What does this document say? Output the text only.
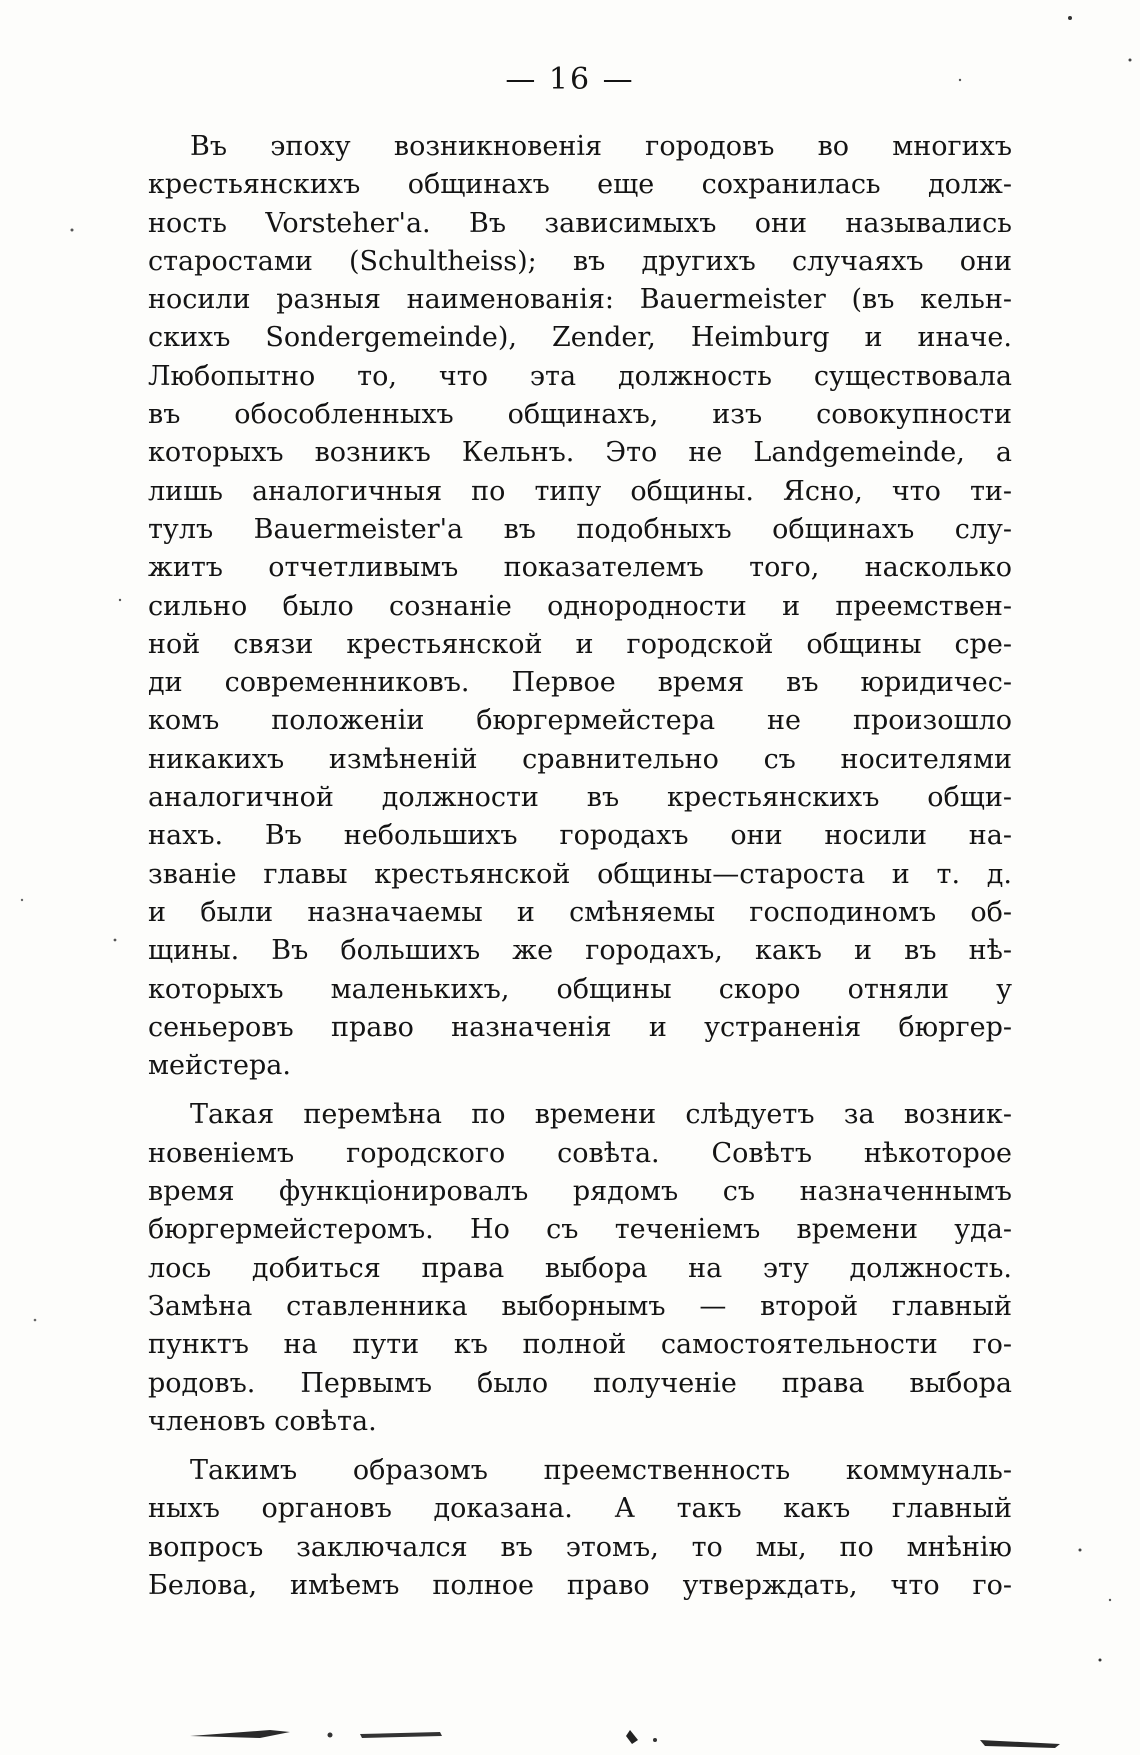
— 16 —
Въ эпоху возникновенія городовъ во многихъ
крестьянскихъ общинахъ еще сохранилась долж-
ность Vorsteher'а. Въ зависимыхъ они назывались
старостами (Schultheiss); въ другихъ случаяхъ они
носили разныя наименованія: Bauermeister (въ кельн-
скихъ Sondergemeinde), Zender, Heimburg и иначе.
Любопытно то, что эта должность существовала
въ обособленныхъ общинахъ, изъ совокупности
которыхъ возникъ Кельнъ. Это не Landgemeinde, а
лишь аналогичныя по типу общины. Ясно, что ти-
тулъ Bauermeister'а въ подобныхъ общинахъ слу-
житъ отчетливымъ показателемъ того, насколько
сильно было сознаніе однородности и преемствен-
ной связи крестьянской и городской общины сре-
ди современниковъ. Первое время въ юридичес-
комъ положеніи бюргермейстера не произошло
никакихъ измѣненій сравнительно съ носителями
аналогичной должности въ крестьянскихъ общи-
нахъ. Въ небольшихъ городахъ они носили на-
званіе главы крестьянской общины—староста и т. д.
и были назначаемы и смѣняемы господиномъ об-
щины. Въ большихъ же городахъ, какъ и въ нѣ-
которыхъ маленькихъ, общины скоро отняли у
сеньеровъ право назначенія и устраненія бюргер-
мейстера.
Такая перемѣна по времени слѣдуетъ за возник-
новеніемъ городского совѣта. Совѣтъ нѣкоторое
время функціонировалъ рядомъ съ назначеннымъ
бюргермейстеромъ. Но съ теченіемъ времени уда-
лось добиться права выбора на эту должность.
Замѣна ставленника выборнымъ — второй главный
пунктъ на пути къ полной самостоятельности го-
родовъ. Первымъ было полученіе права выбора
членовъ совѣта.
Такимъ образомъ преемственность коммуналь-
ныхъ органовъ доказана. А такъ какъ главный
вопросъ заключался въ этомъ, то мы, по мнѣнію
Белова, имѣемъ полное право утверждать, что го-
